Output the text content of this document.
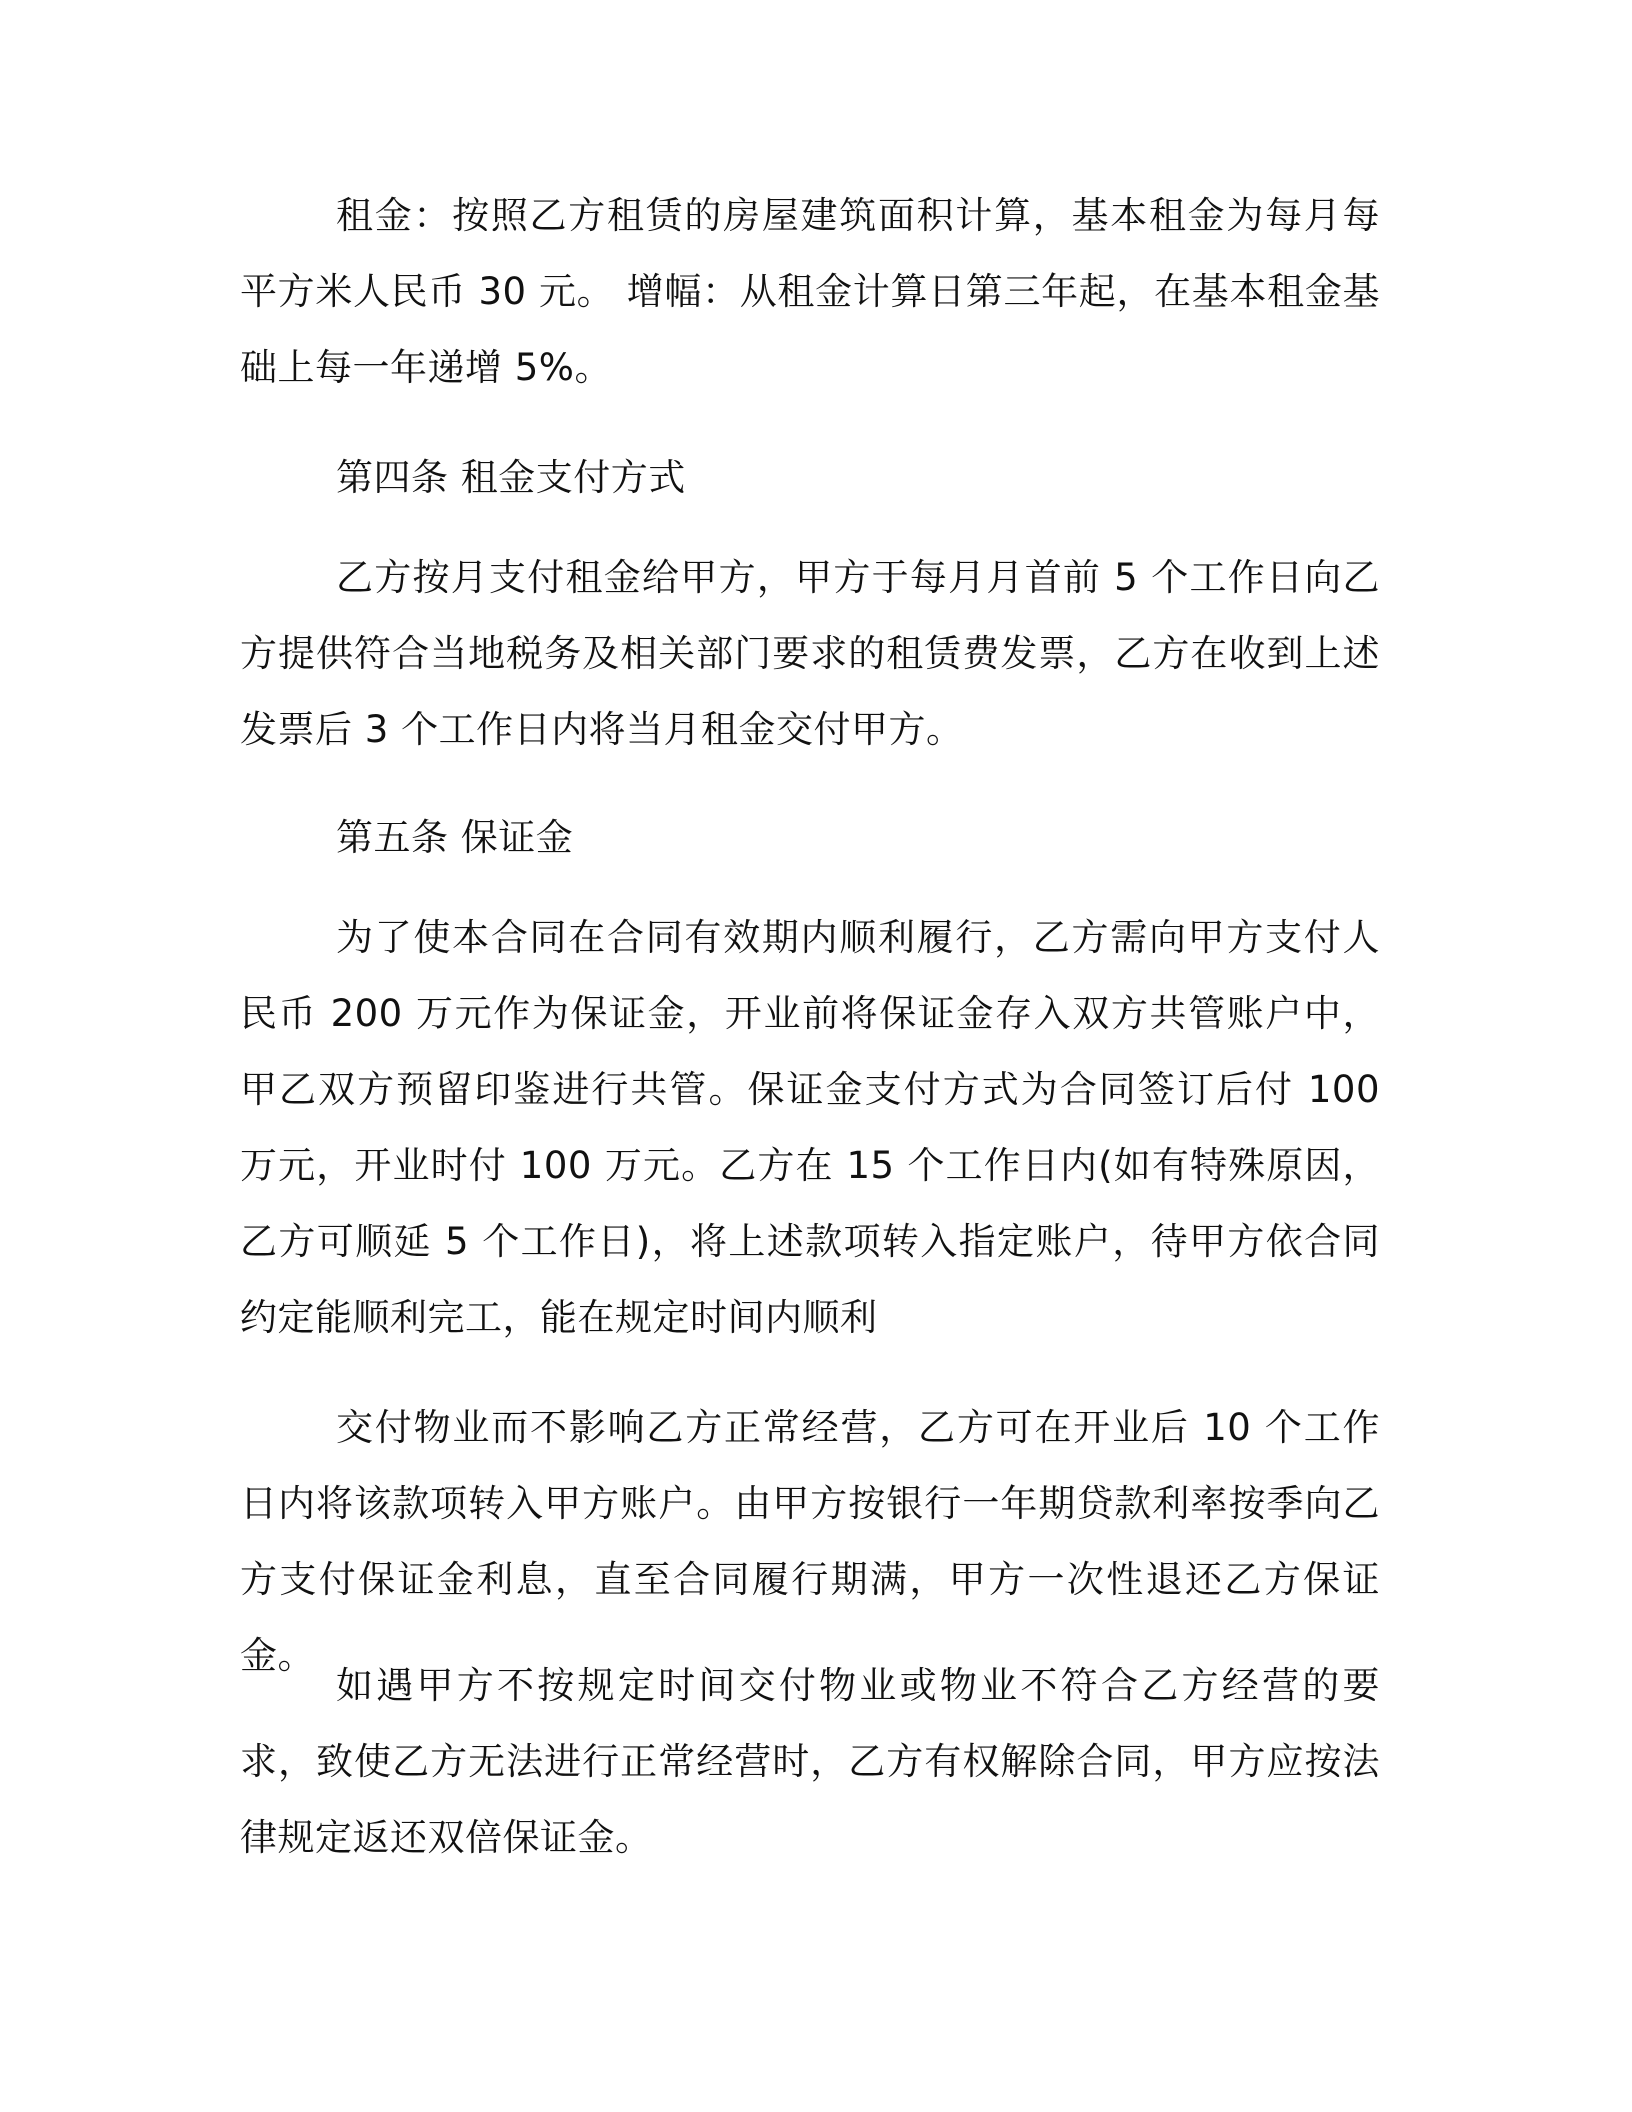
租金：按照乙方租赁的房屋建筑面积计算，基本租金为每月每平方米人民币 30 元。 增幅：从租金计算日第三年起，在基本租金基础上每一年递增 5%。

第四条 租金支付方式

乙方按月支付租金给甲方，甲方于每月月首前 5 个工作日向乙方提供符合当地税务及相关部门要求的租赁费发票，乙方在收到上述发票后 3 个工作日内将当月租金交付甲方。

第五条 保证金

为了使本合同在合同有效期内顺利履行，乙方需向甲方支付人民币 200 万元作为保证金，开业前将保证金存入双方共管账户中，甲乙双方预留印鉴进行共管。保证金支付方式为合同签订后付 100 万元，开业时付 100 万元。乙方在 15 个工作日内(如有特殊原因，乙方可顺延 5 个工作日)，将上述款项转入指定账户，待甲方依合同约定能顺利完工，能在规定时间内顺利

交付物业而不影响乙方正常经营，乙方可在开业后 10 个工作日内将该款项转入甲方账户。由甲方按银行一年期贷款利率按季向乙方支付保证金利息，直至合同履行期满，甲方一次性退还乙方保证金。

如遇甲方不按规定时间交付物业或物业不符合乙方经营的要求，致使乙方无法进行正常经营时，乙方有权解除合同，甲方应按法律规定返还双倍保证金。
